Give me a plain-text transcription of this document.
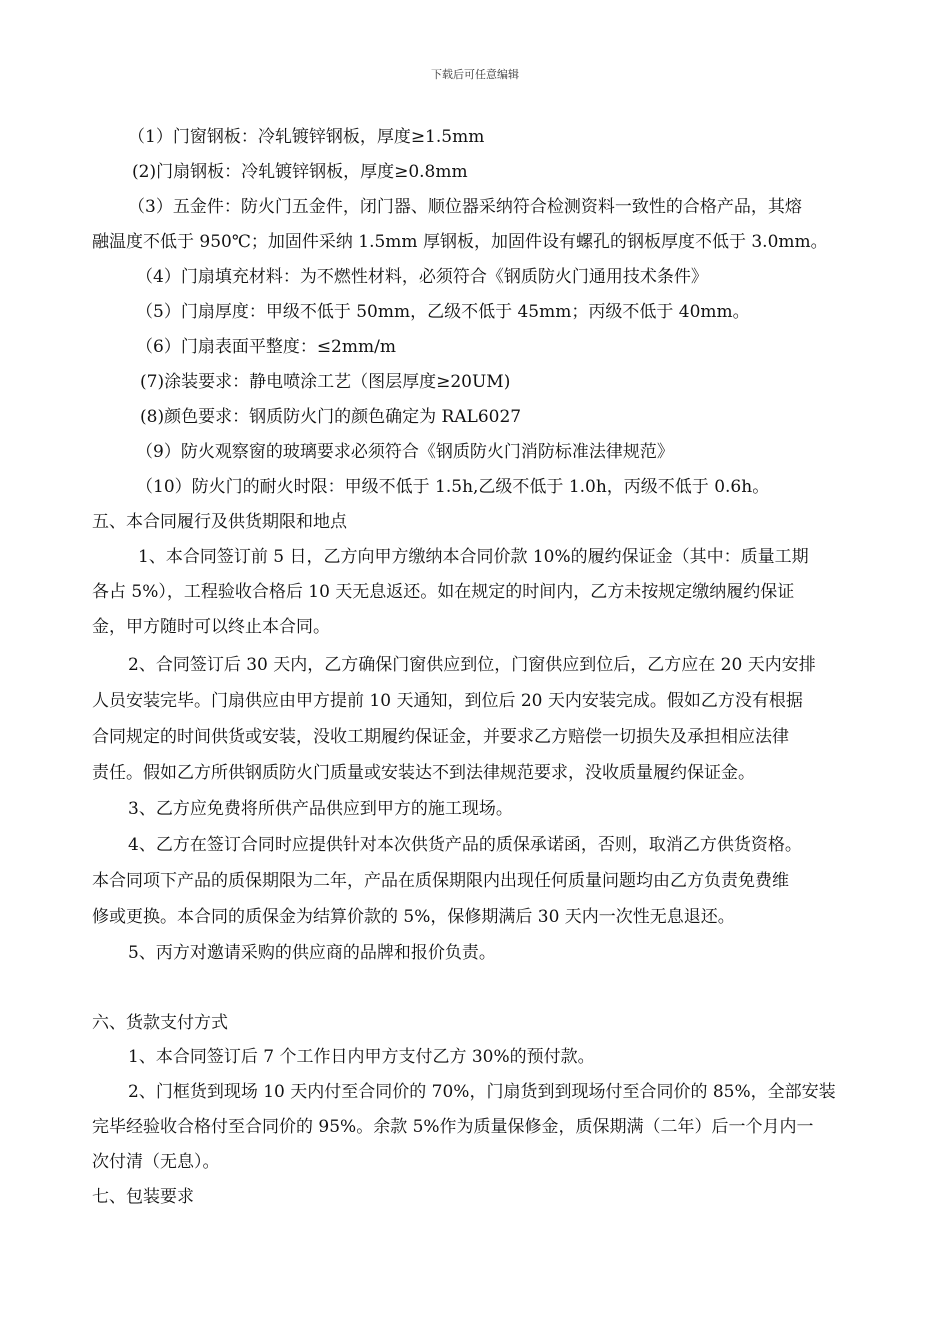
下载后可任意编辑
（1）门窗钢板：冷轧镀锌钢板，厚度≥1.5mm
(2)门扇钢板：冷轧镀锌钢板，厚度≥0.8mm
（3）五金件：防火门五金件，闭门器、顺位器采纳符合检测资料一致性的合格产品，其熔
融温度不低于 950℃；加固件采纳 1.5mm 厚钢板，加固件设有螺孔的钢板厚度不低于 3.0mm。
（4）门扇填充材料：为不燃性材料，必须符合《钢质防火门通用技术条件》
（5）门扇厚度：甲级不低于 50mm，乙级不低于 45mm；丙级不低于 40mm。
（6）门扇表面平整度：≤2mm/m
(7)涂装要求：静电喷涂工艺（图层厚度≥20UM)
(8)颜色要求：钢质防火门的颜色确定为 RAL6027
（9）防火观察窗的玻璃要求必须符合《钢质防火门消防标准法律规范》
（10）防火门的耐火时限：甲级不低于 1.5h,乙级不低于 1.0h，丙级不低于 0.6h。
五、本合同履行及供货期限和地点
1、本合同签订前 5 日，乙方向甲方缴纳本合同价款 10%的履约保证金（其中：质量工期
各占 5%），工程验收合格后 10 天无息返还。如在规定的时间内，乙方未按规定缴纳履约保证
金，甲方随时可以终止本合同。
2、合同签订后 30 天内，乙方确保门窗供应到位，门窗供应到位后，乙方应在 20 天内安排
人员安装完毕。门扇供应由甲方提前 10 天通知，到位后 20 天内安装完成。假如乙方没有根据
合同规定的时间供货或安装，没收工期履约保证金，并要求乙方赔偿一切损失及承担相应法律
责任。假如乙方所供钢质防火门质量或安装达不到法律规范要求，没收质量履约保证金。
3、乙方应免费将所供产品供应到甲方的施工现场。
4、乙方在签订合同时应提供针对本次供货产品的质保承诺函，否则，取消乙方供货资格。
本合同项下产品的质保期限为二年，产品在质保期限内出现任何质量问题均由乙方负责免费维
修或更换。本合同的质保金为结算价款的 5%，保修期满后 30 天内一次性无息退还。
5、丙方对邀请采购的供应商的品牌和报价负责。
六、货款支付方式
1、本合同签订后 7 个工作日内甲方支付乙方 30%的预付款。
2、门框货到现场 10 天内付至合同价的 70%，门扇货到到现场付至合同价的 85%，全部安装
完毕经验收合格付至合同价的 95%。余款 5%作为质量保修金，质保期满（二年）后一个月内一
次付清（无息）。
七、包装要求
